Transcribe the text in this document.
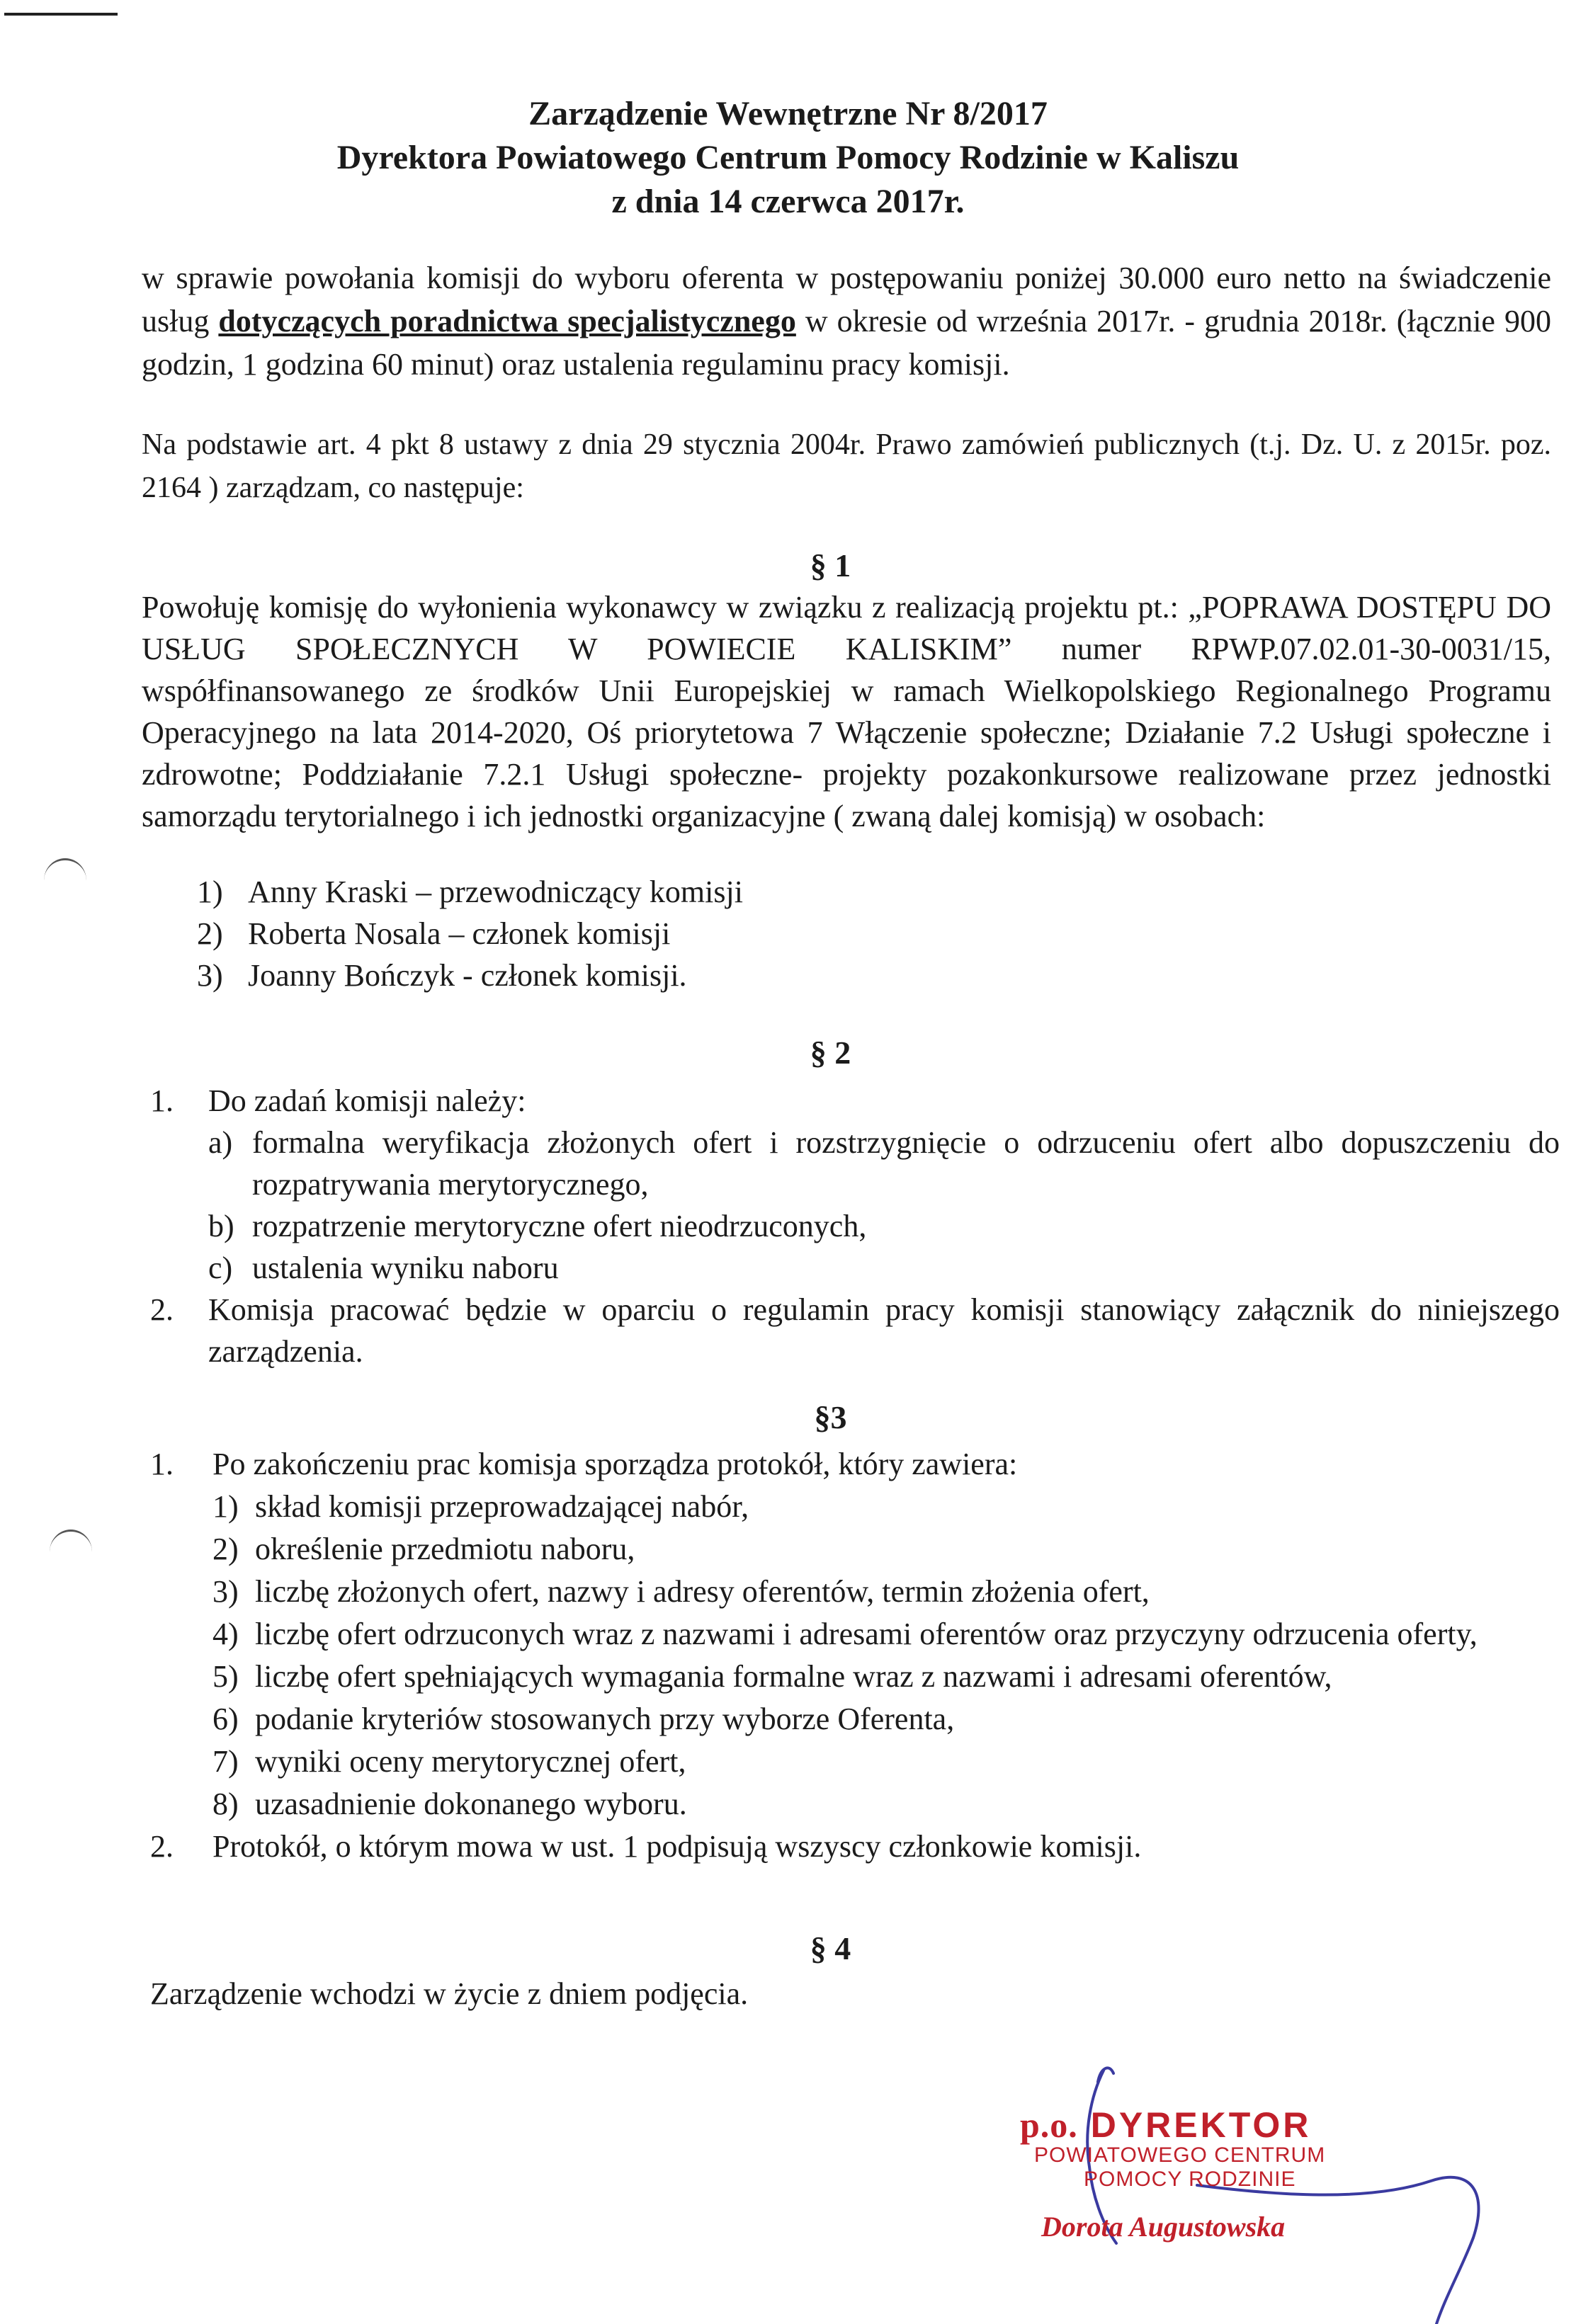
Zarządzenie Wewnętrzne Nr 8/2017
Dyrektora Powiatowego Centrum Pomocy Rodzinie w Kaliszu
z dnia 14 czerwca 2017r.
w sprawie powołania komisji do wyboru oferenta w postępowaniu poniżej 30.000 euro netto na świadczenie usług dotyczących poradnictwa specjalistycznego w okresie od września 2017r. - grudnia 2018r. (łącznie 900 godzin, 1 godzina 60 minut) oraz ustalenia regulaminu pracy komisji.
Na podstawie art. 4 pkt 8 ustawy z dnia 29 stycznia 2004r. Prawo zamówień publicznych (t.j. Dz. U. z 2015r. poz. 2164 ) zarządzam, co następuje:
§ 1
Powołuję komisję do wyłonienia wykonawcy w związku z realizacją projektu pt.: „POPRAWA DOSTĘPU DO USŁUG SPOŁECZNYCH W POWIECIE KALISKIM” numer RPWP.07.02.01-30-0031/15, współfinansowanego ze środków Unii Europejskiej w ramach Wielkopolskiego Regionalnego Programu Operacyjnego na lata 2014-2020, Oś priorytetowa 7 Włączenie społeczne; Działanie 7.2 Usługi społeczne i zdrowotne; Poddziałanie 7.2.1 Usługi społeczne- projekty pozakonkursowe realizowane przez jednostki samorządu terytorialnego i ich jednostki organizacyjne ( zwaną dalej komisją) w osobach:
1) Anny Kraski – przewodniczący komisji
2) Roberta Nosala – członek komisji
3) Joanny Bończyk - członek komisji.
§ 2
1. Do zadań komisji należy:
a) formalna weryfikacja złożonych ofert i rozstrzygnięcie o odrzuceniu ofert albo dopuszczeniu do rozpatrywania merytorycznego,
b) rozpatrzenie merytoryczne ofert nieodrzuconych,
c) ustalenia wyniku naboru
2. Komisja pracować będzie w oparciu o regulamin pracy komisji stanowiący załącznik do niniejszego zarządzenia.
§3
1. Po zakończeniu prac komisja sporządza protokół, który zawiera:
1) skład komisji przeprowadzającej nabór,
2) określenie przedmiotu naboru,
3) liczbę złożonych ofert, nazwy i adresy oferentów, termin złożenia ofert,
4) liczbę ofert odrzuconych wraz z nazwami i adresami oferentów oraz przyczyny odrzucenia oferty,
5) liczbę ofert spełniających wymagania formalne wraz z nazwami i adresami oferentów,
6) podanie kryteriów stosowanych przy wyborze Oferenta,
7) wyniki oceny merytorycznej ofert,
8) uzasadnienie dokonanego wyboru.
2. Protokół, o którym mowa w ust. 1 podpisują wszyscy członkowie komisji.
§ 4
Zarządzenie wchodzi w życie z dniem podjęcia.
p.o. DYREKTOR
POWIATOWEGO CENTRUM
POMOCY RODZINIE
Dorota Augustowska
